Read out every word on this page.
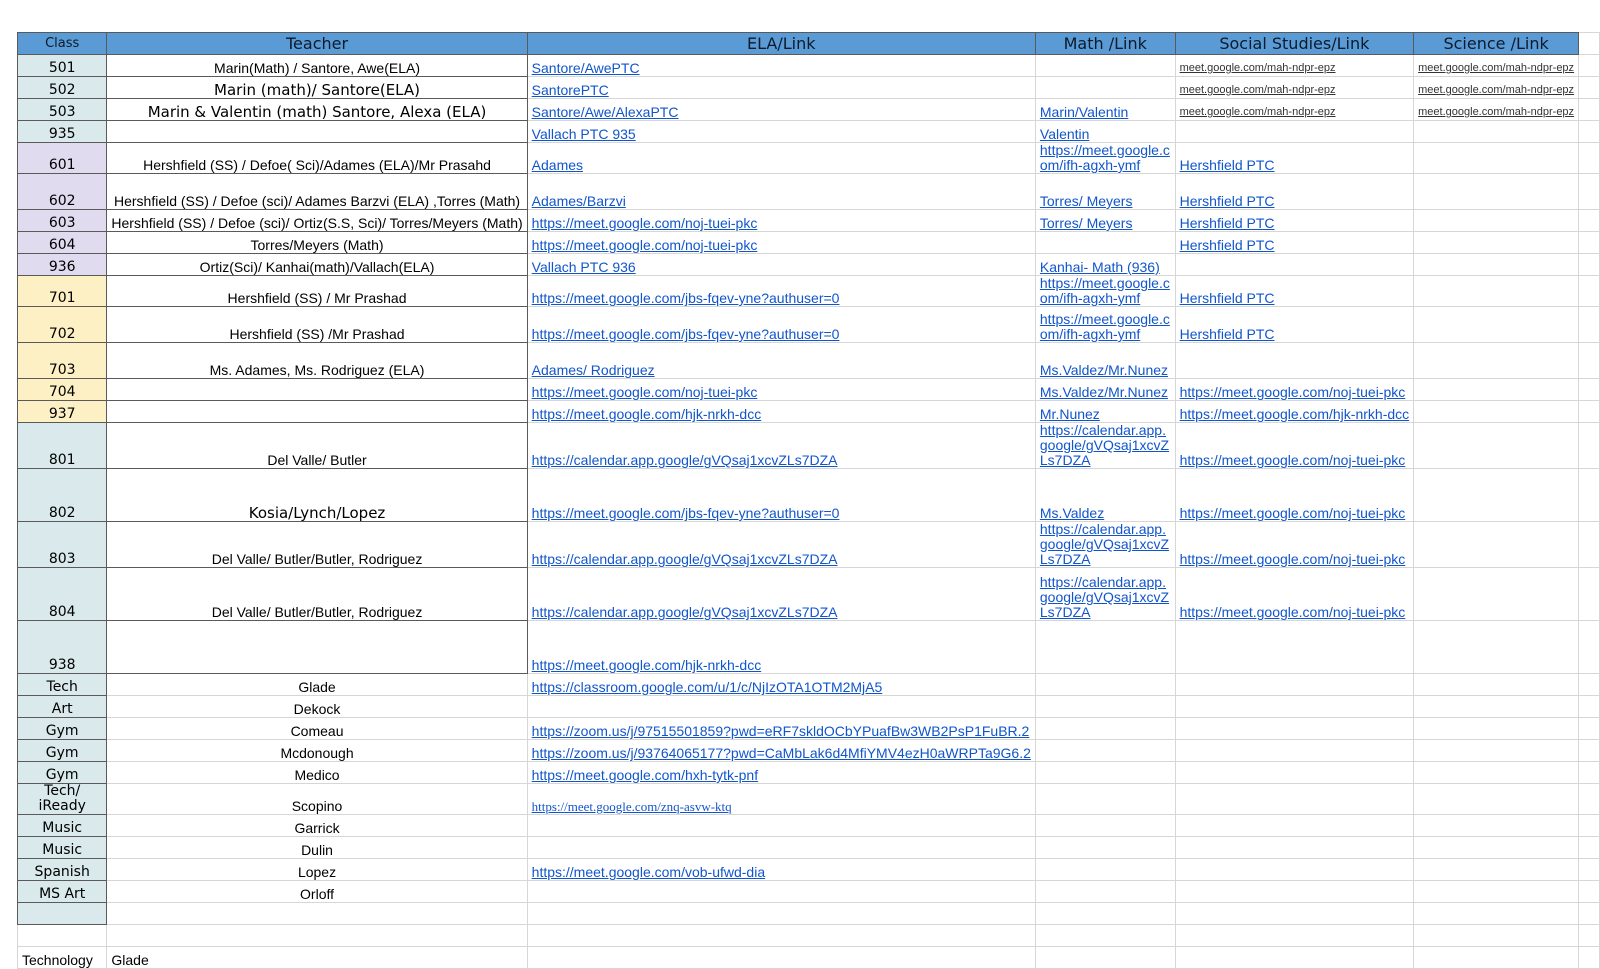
Class	Teacher	ELA/Link	Math /Link	Social Studies/Link	Science /Link	
501	Marin(Math) / Santore, Awe(ELA)	Santore/AwePTC		meet.google.com/mah-ndpr-epz	meet.google.com/mah-ndpr-epz	
502	Marin (math)/ Santore(ELA)	SantorePTC		meet.google.com/mah-ndpr-epz	meet.google.com/mah-ndpr-epz	
503	Marin & Valentin (math) Santore, Alexa (ELA)	Santore/Awe/AlexaPTC	Marin/Valentin	meet.google.com/mah-ndpr-epz	meet.google.com/mah-ndpr-epz	
935		Vallach PTC 935	Valentin			
601	Hershfield (SS) / Defoe( Sci)/Adames (ELA)/Mr Prasahd	Adames	https://meet.google.com/ifh-agxh-ymf	Hershfield PTC		
602	Hershfield (SS) / Defoe (sci)/ Adames Barzvi (ELA) ,Torres (Math)	Adames/Barzvi	Torres/ Meyers	Hershfield PTC		
603	Hershfield (SS) / Defoe (sci)/ Ortiz(S.S, Sci)/ Torres/Meyers (Math)	https://meet.google.com/noj-tuei-pkc	Torres/ Meyers	Hershfield PTC		
604	Torres/Meyers (Math)	https://meet.google.com/noj-tuei-pkc		Hershfield PTC		
936	Ortiz(Sci)/ Kanhai(math)/Vallach(ELA)	Vallach PTC 936	Kanhai- Math (936)			
701	Hershfield (SS) / Mr Prashad	https://meet.google.com/jbs-fqev-yne?authuser=0	https://meet.google.com/ifh-agxh-ymf	Hershfield PTC		
702	Hershfield (SS) /Mr Prashad	https://meet.google.com/jbs-fqev-yne?authuser=0	https://meet.google.com/ifh-agxh-ymf	Hershfield PTC		
703	Ms. Adames, Ms. Rodriguez (ELA)	Adames/ Rodriguez	Ms.Valdez/Mr.Nunez			
704		https://meet.google.com/noj-tuei-pkc	Ms.Valdez/Mr.Nunez	https://meet.google.com/noj-tuei-pkc		
937		https://meet.google.com/hjk-nrkh-dcc	Mr.Nunez	https://meet.google.com/hjk-nrkh-dcc		
801	Del Valle/ Butler	https://calendar.app.google/gVQsaj1xcvZLs7DZA	https://calendar.app.google/gVQsaj1xcvZLs7DZA	https://meet.google.com/noj-tuei-pkc		
802	Kosia/Lynch/Lopez	https://meet.google.com/jbs-fqev-yne?authuser=0	Ms.Valdez	https://meet.google.com/noj-tuei-pkc		
803	Del Valle/ Butler/Butler, Rodriguez	https://calendar.app.google/gVQsaj1xcvZLs7DZA	https://calendar.app.google/gVQsaj1xcvZLs7DZA	https://meet.google.com/noj-tuei-pkc		
804	Del Valle/ Butler/Butler, Rodriguez	https://calendar.app.google/gVQsaj1xcvZLs7DZA	https://calendar.app.google/gVQsaj1xcvZLs7DZA	https://meet.google.com/noj-tuei-pkc		
938		https://meet.google.com/hjk-nrkh-dcc				
Tech	Glade	https://classroom.google.com/u/1/c/NjIzOTA1OTM2MjA5				
Art	Dekock					
Gym	Comeau	https://zoom.us/j/97515501859?pwd=eRF7skldOCbYPuafBw3WB2PsP1FuBR.2				
Gym	Mcdonough	https://zoom.us/j/93764065177?pwd=CaMbLak6d4MfiYMV4ezH0aWRPTa9G6.2				
Gym	Medico	https://meet.google.com/hxh-tytk-pnf				
Tech/ iReady	Scopino	https://meet.google.com/znq-asvw-ktq				
Music	Garrick					
Music	Dulin					
Spanish	Lopez	https://meet.google.com/vob-ufwd-dia				
MS Art	Orloff					

Technology	Glade					
